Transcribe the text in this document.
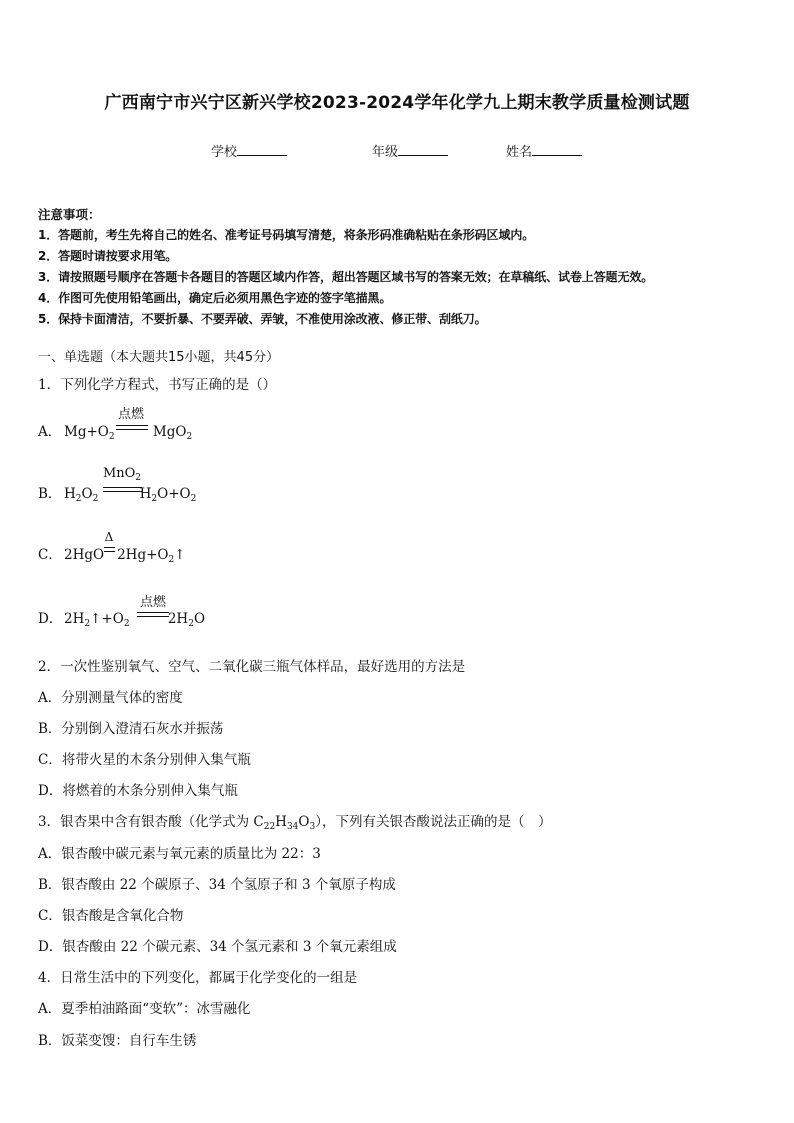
广西南宁市兴宁区新兴学校2023-2024学年化学九上期末教学质量检测试题
学校	年级	姓名
注意事项：
1．答题前，考生先将自己的姓名、准考证号码填写清楚，将条形码准确粘贴在条形码区域内。
2．答题时请按要求用笔。
3．请按照题号顺序在答题卡各题目的答题区域内作答，超出答题区域书写的答案无效；在草稿纸、试卷上答题无效。
4．作图可先使用铅笔画出，确定后必须用黑色字迹的签字笔描黑。
5．保持卡面清洁，不要折暴、不要弄破、弄皱，不准使用涂改液、修正带、刮纸刀。
一、单选题（本大题共15小题，共45分）
1．下列化学方程式，书写正确的是（）
A． $Mg+O_2$	MgO$_2$
点燃
B． $H_2O_2$	$H_2O+O_2$
MnO$_2$
C． 2HgO $2Hg+O_2↑$
Δ
D． $2H_2↑+O_2$	$2H_2O$
点燃
2．一次性鉴别氧气、空气、二氧化碳三瓶气体样品，最好选用的方法是
A．分别测量气体的密度
B．分别倒入澄清石灰水并振荡
C．将带火星的木条分别伸入集气瓶
D．将燃着的木条分别伸入集气瓶
3．银杏果中含有银杏酸（化学式为 $C_{22}H_{34}O_3$），下列有关银杏酸说法正确的是（　）
A．银杏酸中碳元素与氧元素的质量比为 22：3
B．银杏酸由 22 个碳原子、34 个氢原子和 3 个氧原子构成
C．银杏酸是含氧化合物
D．银杏酸由 22 个碳元素、34 个氢元素和 3 个氧元素组成
4．日常生活中的下列变化，都属于化学变化的一组是
A．夏季柏油路面“变软”：冰雪融化
B．饭菜变馊：自行车生锈
